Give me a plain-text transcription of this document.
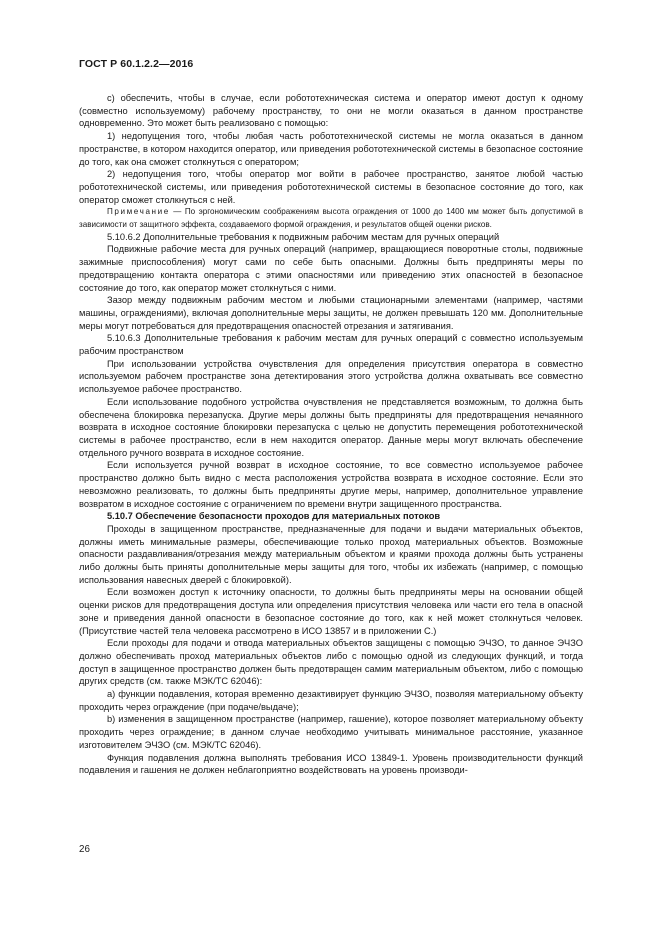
ГОСТ Р 60.1.2.2—2016

c) обеспечить, чтобы в случае, если робототехническая система и оператор имеют доступ к одному (совместно используемому) рабочему пространству, то они не могли оказаться в данном пространстве одновременно. Это может быть реализовано с помощью:

1) недопущения того, чтобы любая часть робототехнической системы не могла оказаться в данном пространстве, в котором находится оператор, или приведения робототехнической системы в безопасное состояние до того, как она сможет столкнуться с оператором;

2) недопущения того, чтобы оператор мог войти в рабочее пространство, занятое любой частью робототехнической системы, или приведения робототехнической системы в безопасное состояние до того, как оператор сможет столкнуться с ней.

Примечание — По эргономическим соображениям высота ограждения от 1000 до 1400 мм может быть допустимой в зависимости от защитного эффекта, создаваемого формой ограждения, и результатов общей оценки рисков.

5.10.6.2 Дополнительные требования к подвижным рабочим местам для ручных операций

Подвижные рабочие места для ручных операций (например, вращающиеся поворотные столы, подвижные зажимные приспособления) могут сами по себе быть опасными. Должны быть предприняты меры по предотвращению контакта оператора с этими опасностями или приведению этих опасностей в безопасное состояние до того, как оператор может столкнуться с ними.

Зазор между подвижным рабочим местом и любыми стационарными элементами (например, частями машины, ограждениями), включая дополнительные меры защиты, не должен превышать 120 мм. Дополнительные меры могут потребоваться для предотвращения опасностей отрезания и затягивания.

5.10.6.3 Дополнительные требования к рабочим местам для ручных операций с совместно используемым рабочим пространством

При использовании устройства очувствления для определения присутствия оператора в совместно используемом рабочем пространстве зона детектирования этого устройства должна охватывать все совместно используемое рабочее пространство.

Если использование подобного устройства очувствления не представляется возможным, то должна быть обеспечена блокировка перезапуска. Другие меры должны быть предприняты для предотвращения нечаянного возврата в исходное состояние блокировки перезапуска с целью не допустить перемещения робототехнической системы в рабочее пространство, если в нем находится оператор. Данные меры могут включать обеспечение отдельного ручного возврата в исходное состояние.

Если используется ручной возврат в исходное состояние, то все совместно используемое рабочее пространство должно быть видно с места расположения устройства возврата в исходное состояние. Если это невозможно реализовать, то должны быть предприняты другие меры, например, дополнительное управление возвратом в исходное состояние с ограничением по времени внутри защищенного пространства.

5.10.7 Обеспечение безопасности проходов для материальных потоков

Проходы в защищенном пространстве, предназначенные для подачи и выдачи материальных объектов, должны иметь минимальные размеры, обеспечивающие только проход материальных объектов. Возможные опасности раздавливания/отрезания между материальным объектом и краями прохода должны быть устранены либо должны быть приняты дополнительные меры защиты для того, чтобы их избежать (например, с помощью использования навесных дверей с блокировкой).

Если возможен доступ к источнику опасности, то должны быть предприняты меры на основании общей оценки рисков для предотвращения доступа или определения присутствия человека или части его тела в опасной зоне и приведения данной опасности в безопасное состояние до того, как к ней может столкнуться человек. (Присутствие частей тела человека рассмотрено в ИСО 13857 и в приложении С.)

Если проходы для подачи и отвода материальных объектов защищены с помощью ЭЧЗО, то данное ЭЧЗО должно обеспечивать проход материальных объектов либо с помощью одной из следующих функций, и тогда доступ в защищенное пространство должен быть предотвращен самим материальным объектом, либо с помощью других средств (см. также МЭК/ТС 62046):

a) функции подавления, которая временно дезактивирует функцию ЭЧЗО, позволяя материальному объекту проходить через ограждение (при подаче/выдаче);

b) изменения в защищенном пространстве (например, гашение), которое позволяет материальному объекту проходить через ограждение; в данном случае необходимо учитывать минимальное расстояние, указанное изготовителем ЭЧЗО (см. МЭК/ТС 62046).

Функция подавления должна выполнять требования ИСО 13849-1. Уровень производительности функций подавления и гашения не должен неблагоприятно воздействовать на уровень производи-

26
